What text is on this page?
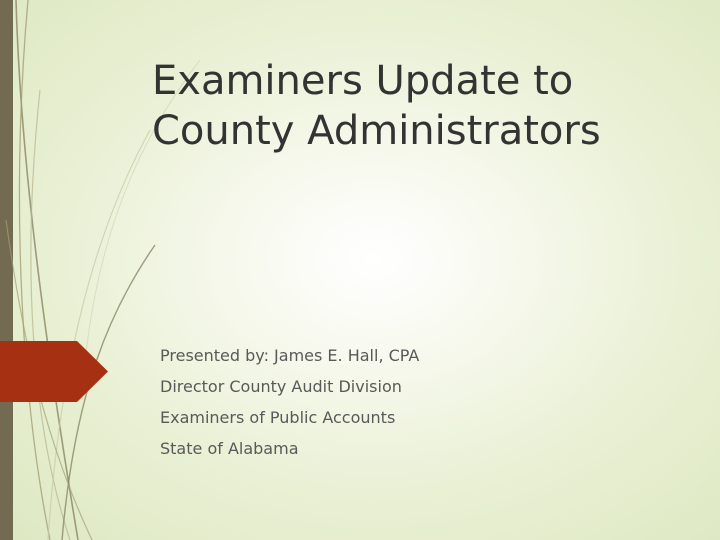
Examiners Update to
County Administrators
Presented by: James E. Hall, CPA
Director County Audit Division
Examiners of Public Accounts
State of Alabama
